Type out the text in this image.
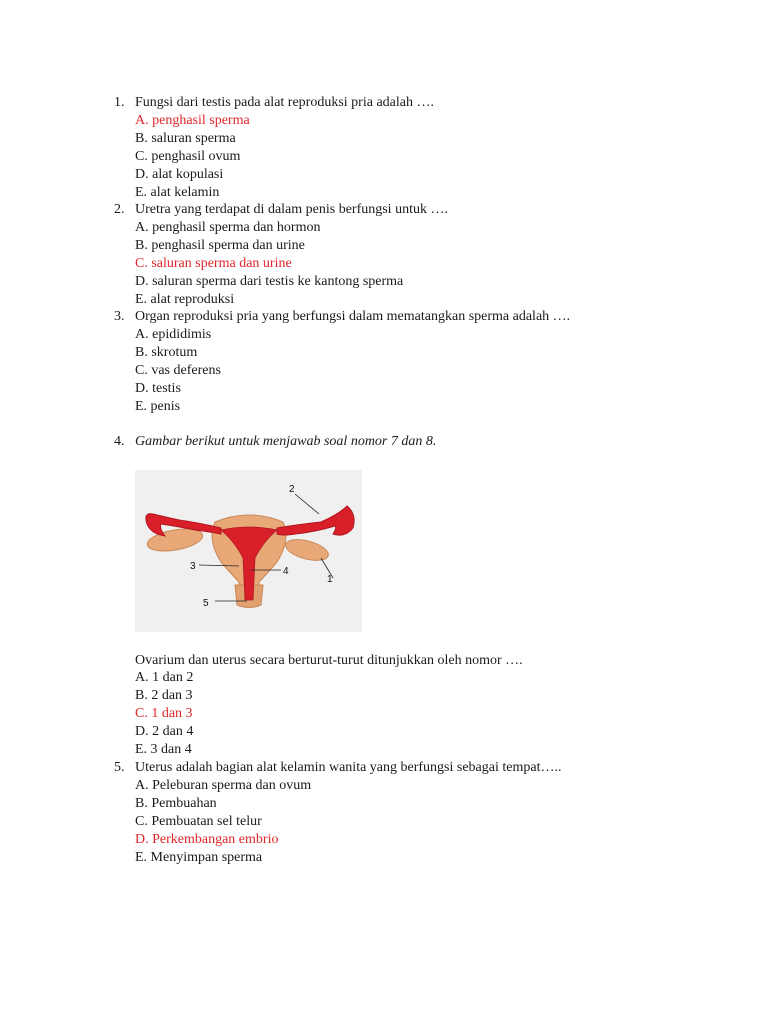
1. Fungsi dari testis pada alat reproduksi pria adalah ….
A. penghasil sperma
B. saluran sperma
C. penghasil ovum
D. alat kopulasi
E. alat kelamin
2. Uretra yang terdapat di dalam penis berfungsi untuk ….
A. penghasil sperma dan hormon
B. penghasil sperma dan urine
C. saluran sperma dan urine
D. saluran sperma dari testis ke kantong sperma
E. alat reproduksi
3. Organ reproduksi pria yang berfungsi dalam mematangkan sperma adalah ….
A. epididimis
B. skrotum
C. vas deferens
D. testis
E. penis
4. Gambar berikut untuk menjawab soal nomor 7 dan 8.
2
1
3	4
5
Ovarium dan uterus secara berturut-turut ditunjukkan oleh nomor ….
A. 1 dan 2
B. 2 dan 3
C. 1 dan 3
D. 2 dan 4
E. 3 dan 4
5. Uterus adalah bagian alat kelamin wanita yang berfungsi sebagai tempat…..
A. Peleburan sperma dan ovum
B. Pembuahan
C. Pembuatan sel telur
D. Perkembangan embrio
E. Menyimpan sperma
